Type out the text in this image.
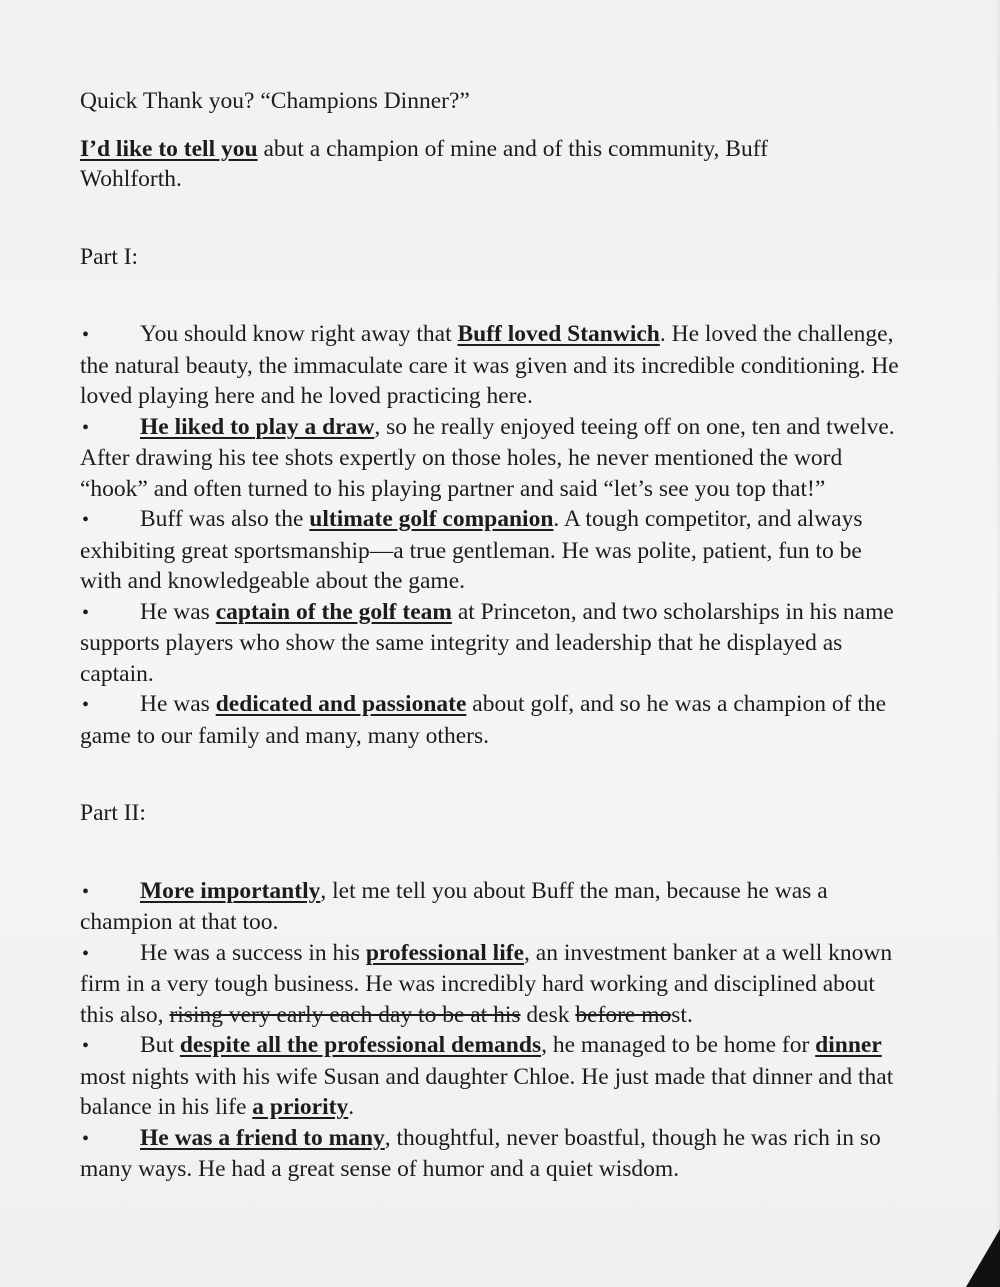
Quick Thank you? “Champions Dinner?”

I’d like to tell you abut a champion of mine and of this community, Buff
Wohlforth.

Part I:

•You should know right away that Buff loved Stanwich. He loved the challenge, the natural beauty, the immaculate care it was given and its incredible conditioning. He loved playing here and he loved practicing here.

•He liked to play a draw, so he really enjoyed teeing off on one, ten and twelve. After drawing his tee shots expertly on those holes, he never mentioned the word “hook” and often turned to his playing partner and said “let’s see you top that!”

•Buff was also the ultimate golf companion. A tough competitor, and always exhibiting great sportsmanship—a true gentleman. He was polite, patient, fun to be with and knowledgeable about the game.

•He was captain of the golf team at Princeton, and two scholarships in his name supports players who show the same integrity and leadership that he displayed as captain.

•He was dedicated and passionate about golf, and so he was a champion of the game to our family and many, many others.

Part II:

•More importantly, let me tell you about Buff the man, because he was a champion at that too.

•He was a success in his professional life, an investment banker at a well known firm in a very tough business. He was incredibly hard working and disciplined about this also, rising very early each day to be at his desk before most.

•But despite all the professional demands, he managed to be home for dinner most nights with his wife Susan and daughter Chloe. He just made that dinner and that balance in his life a priority.

•He was a friend to many, thoughtful, never boastful, though he was rich in so many ways. He had a great sense of humor and a quiet wisdom.
